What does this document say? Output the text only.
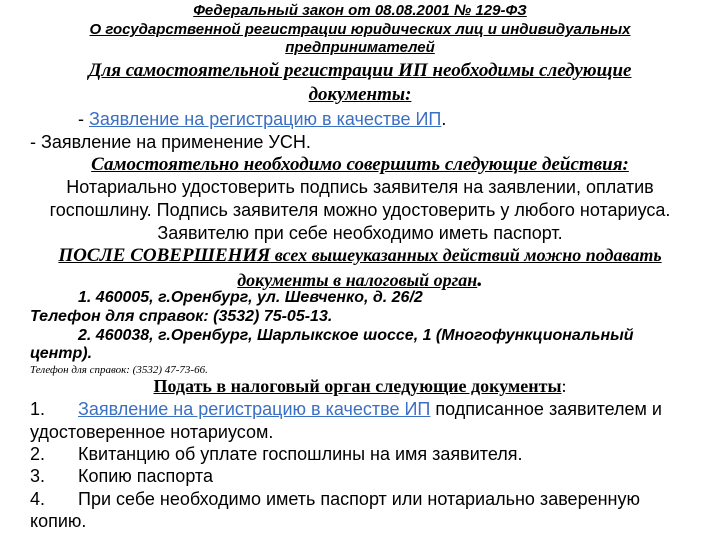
Федеральный закон от 08.08.2001 № 129-ФЗ
О государственной регистрации юридических лиц и индивидуальных
предпринимателей
Для самостоятельной регистрации ИП необходимы следующие
документы:
- Заявление на регистрацию в качестве ИП.
- Заявление на применение УСН.
Самостоятельно необходимо совершить следующие действия:
Нотариально удостоверить подпись заявителя на заявлении, оплатив
госпошлину. Подпись заявителя можно удостоверить у любого нотариуса.
Заявителю при себе необходимо иметь паспорт.
ПОСЛЕ СОВЕРШЕНИЯ всех вышеуказанных действий можно подавать
документы в налоговый орган.
1. 460005, г.Оренбург, ул. Шевченко, д. 26/2
Телефон для справок: (3532) 75-05-13.
2. 460038, г.Оренбург, Шарлыкское шоссе, 1 (Многофункциональный
центр).
Телефон для справок: (3532) 47-73-66.
Подать в налоговый орган следующие документы:
1. Заявление на регистрацию в качестве ИП подписанное заявителем и
удостоверенное нотариусом.
2. Квитанцию об уплате госпошлины на имя заявителя.
3. Копию паспорта
4. При себе необходимо иметь паспорт или нотариально заверенную
копию.
